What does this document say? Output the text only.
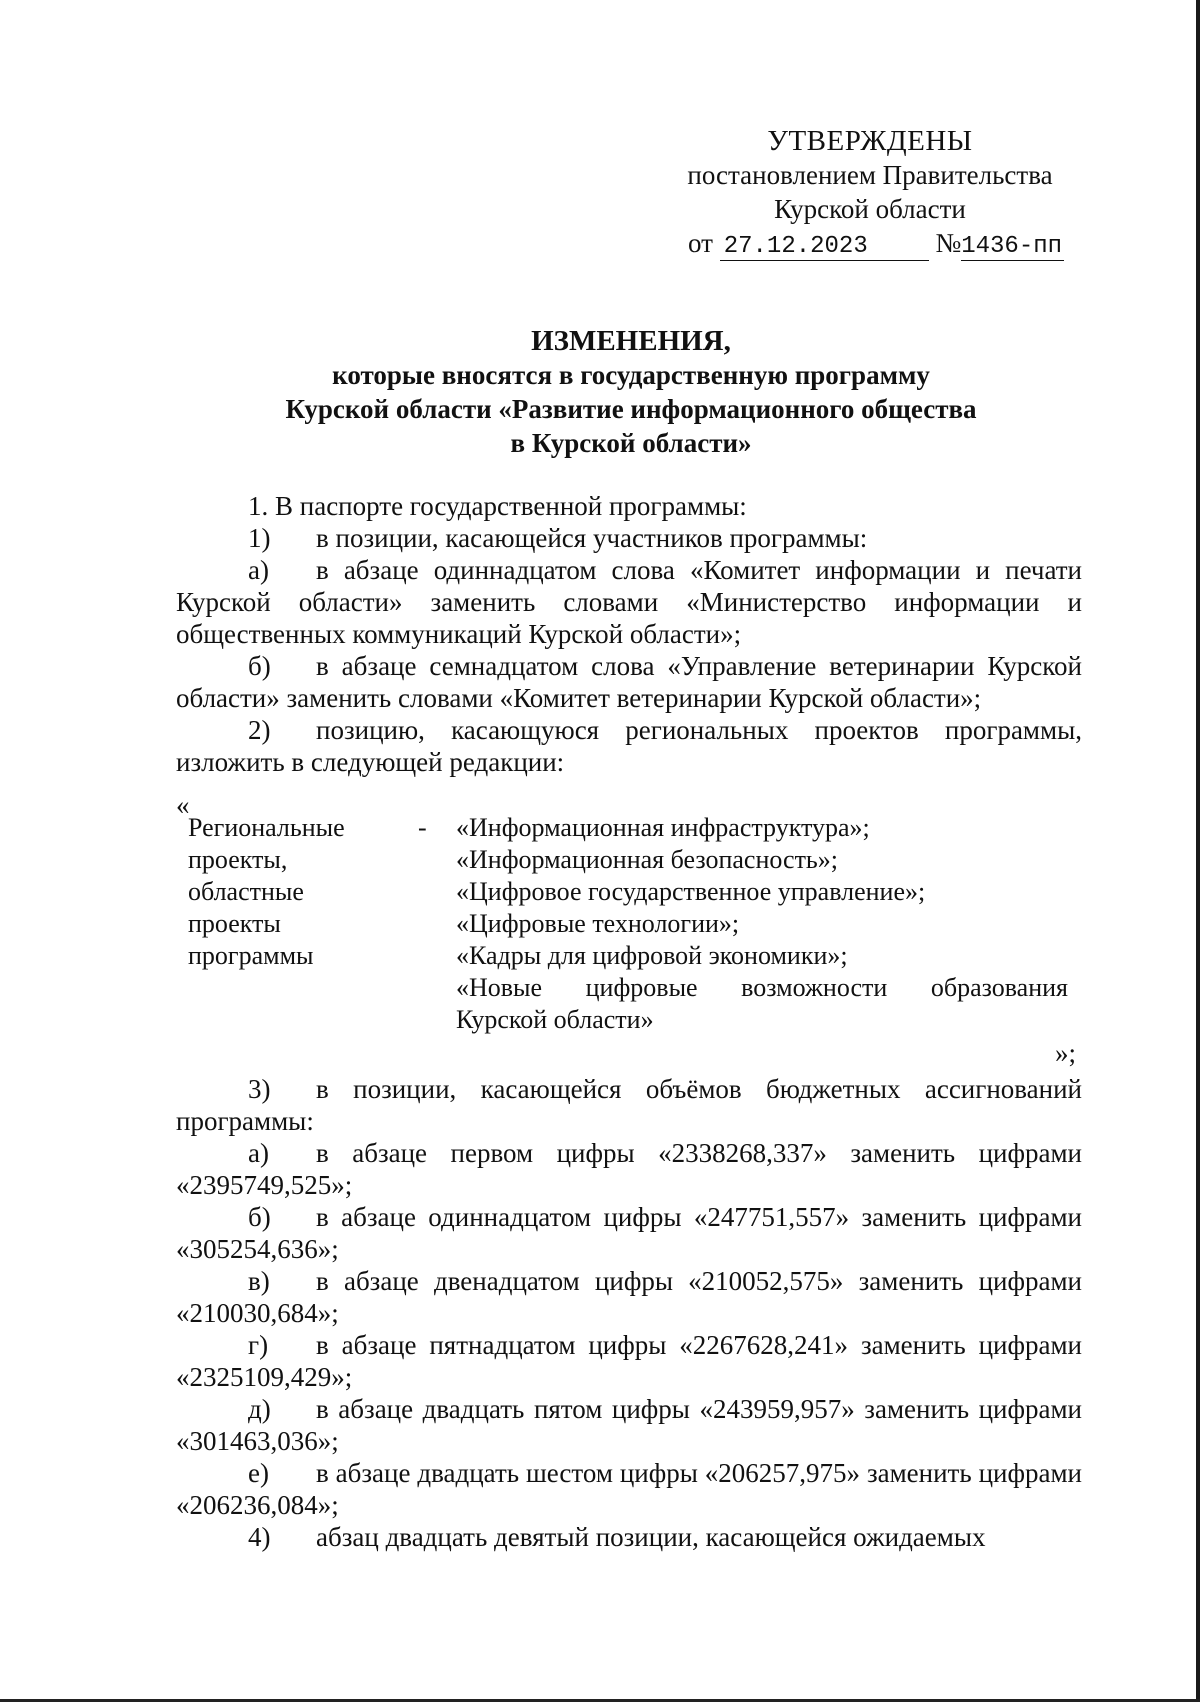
УТВЕРЖДЕНЫ
постановлением Правительства
Курской области
от 27.12.2023	№1436-пп
ИЗМЕНЕНИЯ,
которые вносятся в государственную программу
Курской области «Развитие информационного общества
в Курской области»

1. В паспорте государственной программы:

1) в позиции, касающейся участников программы:

а) в абзаце одиннадцатом слова «Комитет информации и печати Курской области» заменить словами «Министерство информации и общественных коммуникаций Курской области»;

б) в абзаце семнадцатом слова «Управление ветеринарии Курской области» заменить словами «Комитет ветеринарии Курской области»;

2) позицию, касающуюся региональных проектов программы, изложить в следующей редакции:

«
Региональные
проекты,
областные
проекты
программы
- «Информационная инфраструктура»;
«Информационная безопасность»;
«Цифровое государственное управление»;
«Цифровые технологии»;
«Кадры для цифровой экономики»;
«Новые цифровые возможности образования
Курской области»
»;

3) в позиции, касающейся объёмов бюджетных ассигнований программы:

а) в абзаце первом цифры «2338268,337» заменить цифрами «2395749,525»;

б) в абзаце одиннадцатом цифры «247751,557» заменить цифрами «305254,636»;

в) в абзаце двенадцатом цифры «210052,575» заменить цифрами «210030,684»;

г) в абзаце пятнадцатом цифры «2267628,241» заменить цифрами «2325109,429»;

д) в абзаце двадцать пятом цифры «243959,957» заменить цифрами «301463,036»;

е) в абзаце двадцать шестом цифры «206257,975» заменить цифрами «206236,084»;

4) абзац двадцать девятый позиции, касающейся ожидаемых
